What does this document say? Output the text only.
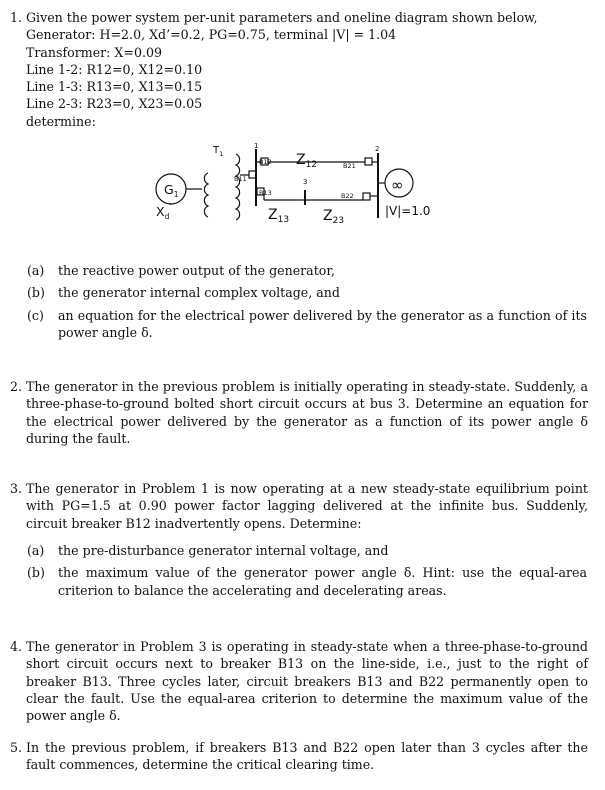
1. Given the power system per-unit parameters and oneline diagram shown below,
Generator: H=2.0, Xd’=0.2, PG=0.75, terminal |V| = 1.04
Transformer: X=0.09
Line 1-2: R12=0, X12=0.10
Line 1-3: R13=0, X13=0.15
Line 2-3: R23=0, X23=0.05
determine:
$G_1$
$X_d'$
$T_1$
1	2
3
B11
B12
B13
B21
B22
$Z_{12}$
$Z_{13}$ $Z_{23}$
∞
|V|=1.0
(a) the reactive power output of the generator,
(b) the generator internal complex voltage, and
(c) an equation for the electrical power delivered by the generator as a function of its power angle δ.
2. The generator in the previous problem is initially operating in steady-state. Suddenly, a three-phase-to-ground bolted short circuit occurs at bus 3. Determine an equation for the electrical power delivered by the generator as a function of its power angle δ during the fault.
3. The generator in Problem 1 is now operating at a new steady-state equilibrium point with PG=1.5 at 0.90 power factor lagging delivered at the infinite bus. Suddenly, circuit breaker B12 inadvertently opens. Determine:
(a) the pre-disturbance generator internal voltage, and
(b) the maximum value of the generator power angle δ. Hint: use the equal-area criterion to balance the accelerating and decelerating areas.
4. The generator in Problem 3 is operating in steady-state when a three-phase-to-ground short circuit occurs next to breaker B13 on the line-side, i.e., just to the right of breaker B13. Three cycles later, circuit breakers B13 and B22 permanently open to clear the fault. Use the equal-area criterion to determine the maximum value of the power angle δ.
5. In the previous problem, if breakers B13 and B22 open later than 3 cycles after the fault commences, determine the critical clearing time.
